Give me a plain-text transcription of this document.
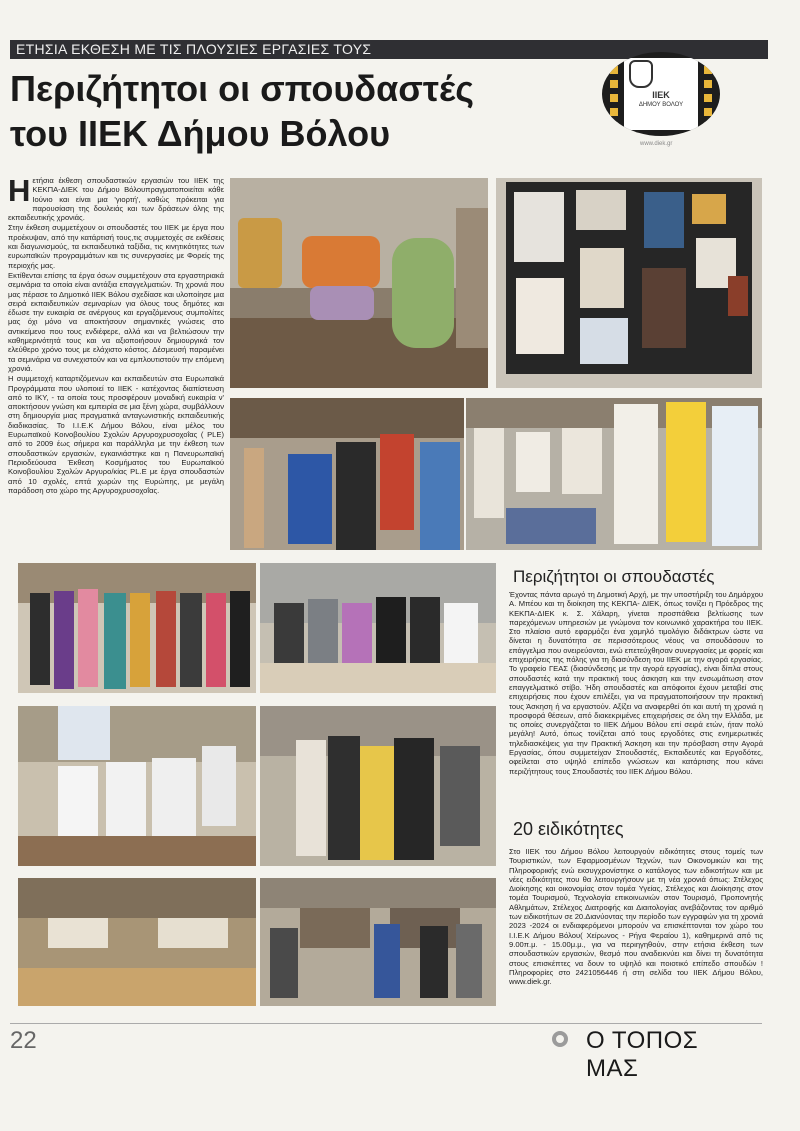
ΕΤΗΣΙΑ ΕΚΘΕΣΗ ΜΕ ΤΙΣ ΠΛΟΥΣΙΕΣ ΕΡΓΑΣΙΕΣ ΤΟΥΣ
Περιζήτητοι οι σπουδαστές
του ΙΙΕΚ Δήμου Βόλου
ΙΙΕΚ
ΔΗΜΟΥ ΒΟΛΟΥ
www.diek.gr

Ηετήσια έκθεση σπουδαστικών εργασιών του ΙΙΕΚ της ΚΕΚΠΑ-ΔΙΕΚ του Δήμου Βόλουπραγματοποιείται κάθε Ιούνιο και είναι μια 'γιορτή', καθώς πρόκειται για παρουσίαση της δουλειάς και των δράσεων όλης της εκπαιδευτικής χρονιάς.

Στην έκθεση συμμετέχουν οι σπουδαστές του ΙΙΕΚ με έργα που προέκυψαν, από την κατάρτισή τους,τις συμμετοχές σε εκθέσεις και διαγωνισμούς, τα εκπαιδευτικά ταξίδια, τις κινητικότητες των ευρωπαϊκών προγραμμάτων και τις συνεργασίες με Φορείς της περιοχής μας.

Εκτίθενται επίσης τα έργα όσων συμμετέχουν στα εργαστηριακά σεμινάρια τα οποία είναι αντάξια επαγγελματιών. Τη χρονιά που μας πέρασε το Δημοτικό ΙΙΕΚ Βόλου σχεδίασε και υλοποίησε μια σειρά εκπαιδευτικών σεμιναρίων για όλους τους δημότες και έδωσε την ευκαιρία σε ανέργους και εργαζόμενους συμπολίτες μας όχι μόνο να αποκτήσουν σημαντικές γνώσεις στο αντικείμενο που τους ενδιέφερε, αλλά και να βελτιώσουν την καθημερινότητά τους και να αξιοποιήσουν δημιουργικά τον ελεύθερο χρόνο τους με ελάχιστο κόστος. Δέσμευσή παραμένει τα σεμινάρια να συνεχιστούν και να εμπλουτιστούν την επόμενη χρονιά.

Η συμμετοχή καταρτιζόμενων και εκπαιδευτών στα Ευρωπαϊκά Προγράμματα που υλοποιεί το ΙΙΕΚ - κατέχοντας διαπίστευση από το ΙΚΥ, - τα οποία τους προσφέρουν μοναδική ευκαιρία ν' αποκτήσουν γνώση και εμπειρία σε μια ξένη χώρα, συμβάλλουν στη δημιουργία μιας πραγματικά ανταγωνιστικής εκπαιδευτικής διαδικασίας. Το Ι.Ι.Ε.Κ Δήμου Βόλου, είναι μέλος του Ευρωπαϊκού Κοινοβουλίου Σχολών Αργυροχρυσοχοΐας ( PLE) από το 2009 έως σήμερα και παράλληλα με την έκθεση των σπουδαστικών εργασιών, εγκαινιάστηκε και η Πανευρωπαϊκή Περιοδεύουσα Έκθεση Κοσμήματος του Ευρωπαϊκού Κοινοβουλίου Σχολών Αργυρο/κίας PL.E με έργα σπουδαστών από 10 σχολές, επτά χωρών της Ευρώπης, με μεγάλη παράδοση στο χώρο της Αργυροχρυσοχοΐας.

Περιζήτητοι οι σπουδαστές

Έχοντας πάντα αρωγό τη Δημοτική Αρχή, με την υποστήριξη του Δημάρχου Α. Μπέου και τη διοίκηση της ΚΕΚΠΑ- ΔΙΕΚ, όπως τονίζει η Πρόεδρος της ΚΕΚΠΑ-ΔΙΕΚ κ. Σ. Χάλαρη, γίνεται προσπάθεια βελτίωσης των παρεχόμενων υπηρεσιών με γνώμονα τον κοινωνικό χαρακτήρα του ΙΙΕΚ. Στο πλαίσιο αυτό εφαρμόζει ένα χαμηλό τιμολόγιο διδάκτρων ώστε να δίνεται η δυνατότητα σε περισσότερους νέους να σπουδάσουν το επάγγελμα που ονειρεύονται, ενώ επετεύχθησαν συνεργασίες με φορείς και επιχειρήσεις της πόλης για τη διασύνδεση του ΙΙΕΚ με την αγορά εργασίας. Το γραφείο ΓΕΑΣ (διασύνδεσης με την αγορά εργασίας), είναι δίπλα στους σπουδαστές κατά την πρακτική τους άσκηση και την ενσωμάτωση στον επαγγελματικό στίβο. Ήδη σπουδαστές και απόφοιτοι έχουν μεταβεί στις επιχειρήσεις που έχουν επιλέξει, για να πραγματοποιήσουν την πρακτική τους Άσκηση ή να εργαστούν. Αξίζει να αναφερθεί ότι και αυτή τη χρονιά η προσφορά θέσεων, από διακεκριμένες επιχειρήσεις σε όλη την Ελλάδα, με τις οποίες συνεργάζεται το ΙΙΕΚ Δήμου Βόλου επί σειρά ετών, ήταν πολύ μεγάλη! Αυτό, όπως τονίζεται από τους εργοδότες στις ενημερωτικές τηλεδιασκέψεις για την Πρακτική Άσκηση και την πρόσβαση στην Αγορά Εργασίας, όπου συμμετείχαν Σπουδαστές, Εκπαιδευτές και Εργοδότες, οφείλεται στο υψηλό επίπεδο γνώσεων και κατάρτισης που κάνει περιζήτητους τους Σπουδαστές του ΙΙΕΚ Δήμου Βόλου.

20 ειδικότητες

Στο ΙΙΕΚ του Δήμου Βόλου λειτουργούν ειδικότητες στους τομείς των Τουριστικών, των Εφαρμοσμένων Τεχνών, των Οικονομικών και της Πληροφορικής ενώ εκσυγχρονίστηκε ο κατάλογος των ειδικοτήτων και με νέες ειδικότητες που θα λειτουργήσουν με τη νέα χρονιά όπως: Στέλεχος Διοίκησης και οικονομίας στον τομέα Υγείας, Στέλεχος και Διοίκησης στον τομέα Τουρισμού, Τεχνολογία επικοινωνιών στον Τουρισμό, Προπονητής Αθλημάτων, Στέλεχος Διατροφής και Διαιτολογίας ανεβάζοντας τον αριθμό των ειδικοτήτων σε 20.Διανύοντας την περίοδο των εγγραφών για τη χρονιά 2023 -2024 οι ενδιαφερόμενοι μπορούν να επισκέπτονται τον χώρο του Ι.Ι.Ε.Κ Δήμου Βόλου( Χείρωνος - Ρήγα Φεραίου 1), καθημερινά από τις 9.00π.μ. - 15.00μ.μ., για να περιηγηθούν, στην ετήσια έκθεση των σπουδαστικών εργασιών, θεσμό που αναδεικνύει και δίνει τη δυνατότητα στους επισκέπτες να δουν το υψηλό και ποιοτικό επίπεδο σπουδών ! Πληροφορίες στο 2421056446 ή στη σελίδα του ΙΙΕΚ Δήμου Βόλου, www.diek.gr.

22	Ο ΤΟΠΟΣ ΜΑΣ
